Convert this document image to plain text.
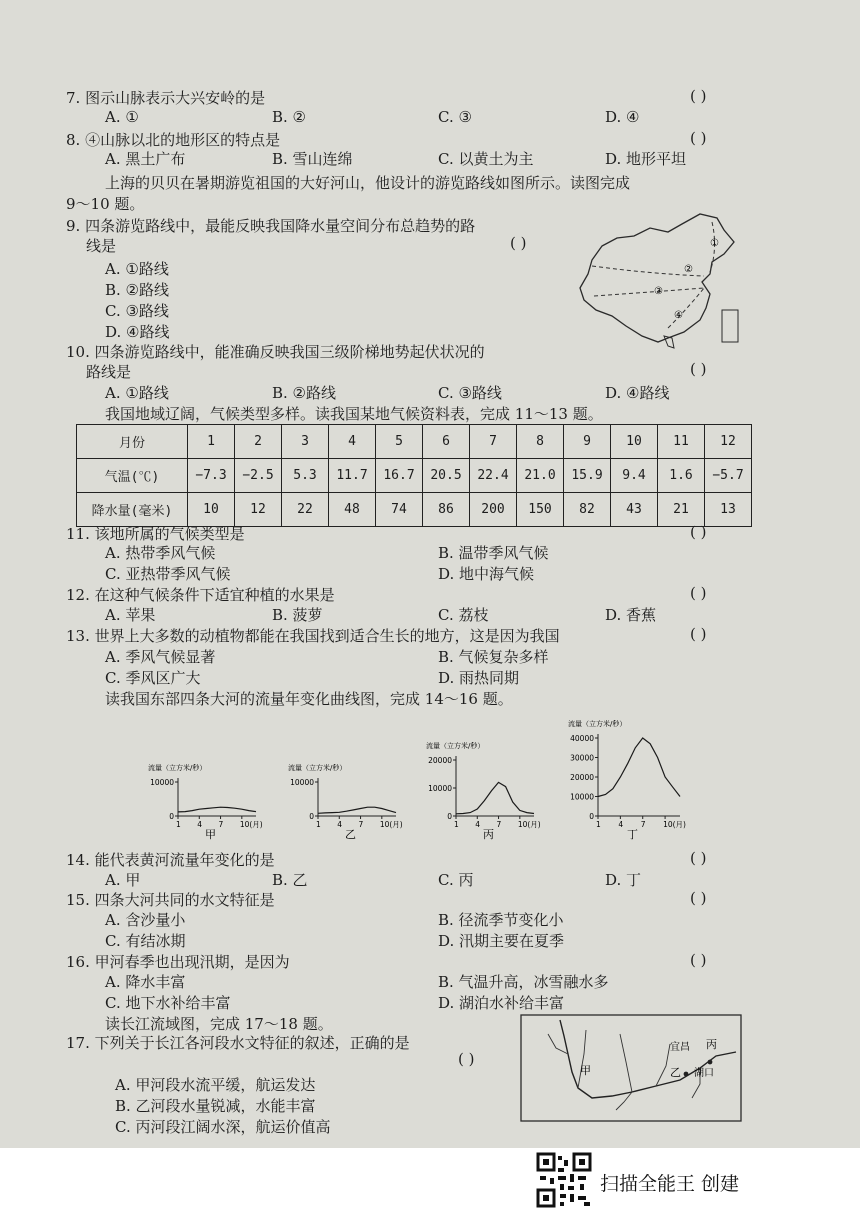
7. 图示山脉表示大兴安岭的是	( )
A. ①	B. ②	C. ③	D. ④
8. ④山脉以北的地形区的特点是	( )
A. 黑土广布	B. 雪山连绵	C. 以黄土为主	D. 地形平坦
上海的贝贝在暑期游览祖国的大好河山，他设计的游览路线如图所示。读图完成
9～10 题。
9. 四条游览路线中，最能反映我国降水量空间分布总趋势的路
线是	( )
A. ①路线
B. ②路线
C. ③路线
D. ④路线
①
②
③
④
10. 四条游览路线中，能准确反映我国三级阶梯地势起伏状况的
路线是	( )
A. ①路线	B. ②路线	C. ③路线	D. ④路线
我国地域辽阔，气候类型多样。读我国某地气候资料表，完成 11～13 题。
月份	1	2	3	4	5	6	7	8	9	10	11	12
气温(℃)	−7.3	−2.5	5.3	11.7	16.7	20.5	22.4	21.0	15.9	9.4	1.6	−5.7
降水量(毫米)	10	12	22	48	74	86	200	150	82	43	21	13
11. 该地所属的气候类型是	( )
A. 热带季风气候	B. 温带季风气候
C. 亚热带季风气候	D. 地中海气候
12. 在这种气候条件下适宜种植的水果是	( )
A. 苹果	B. 菠萝	C. 荔枝	D. 香蕉
13. 世界上大多数的动植物都能在我国找到适合生长的地方，这是因为我国	( )
A. 季风气候显著	B. 气候复杂多样
C. 季风区广大	D. 雨热同期
读我国东部四条大河的流量年变化曲线图，完成 14～16 题。
流量（立方米/秒）
10000
0
1 4 7 10(月)
甲
流量（立方米/秒）
10000
0
1 4 7 10(月)
乙
流量（立方米/秒）
20000
10000
0
1 4 7 10(月)
丙
流量（立方米/秒）
40000
30000
20000
10000
0
1 4 7 10(月)
丁
14. 能代表黄河流量年变化的是	( )
A. 甲	B. 乙	C. 丙	D. 丁
15. 四条大河共同的水文特征是	( )
A. 含沙量小	B. 径流季节变化小
C. 有结冰期	D. 汛期主要在夏季
16. 甲河春季也出现汛期，是因为	( )
A. 降水丰富	B. 气温升高，冰雪融水多
C. 地下水补给丰富	D. 湖泊水补给丰富
读长江流域图，完成 17～18 题。
17. 下列关于长江各河段水文特征的叙述，正确的是
( )
A. 甲河段水流平缓，航运发达
B. 乙河段水量锐减，水能丰富
C. 丙河段江阔水深，航运价值高
甲
宜昌
乙 湖口
丙
扫描全能王 创建
